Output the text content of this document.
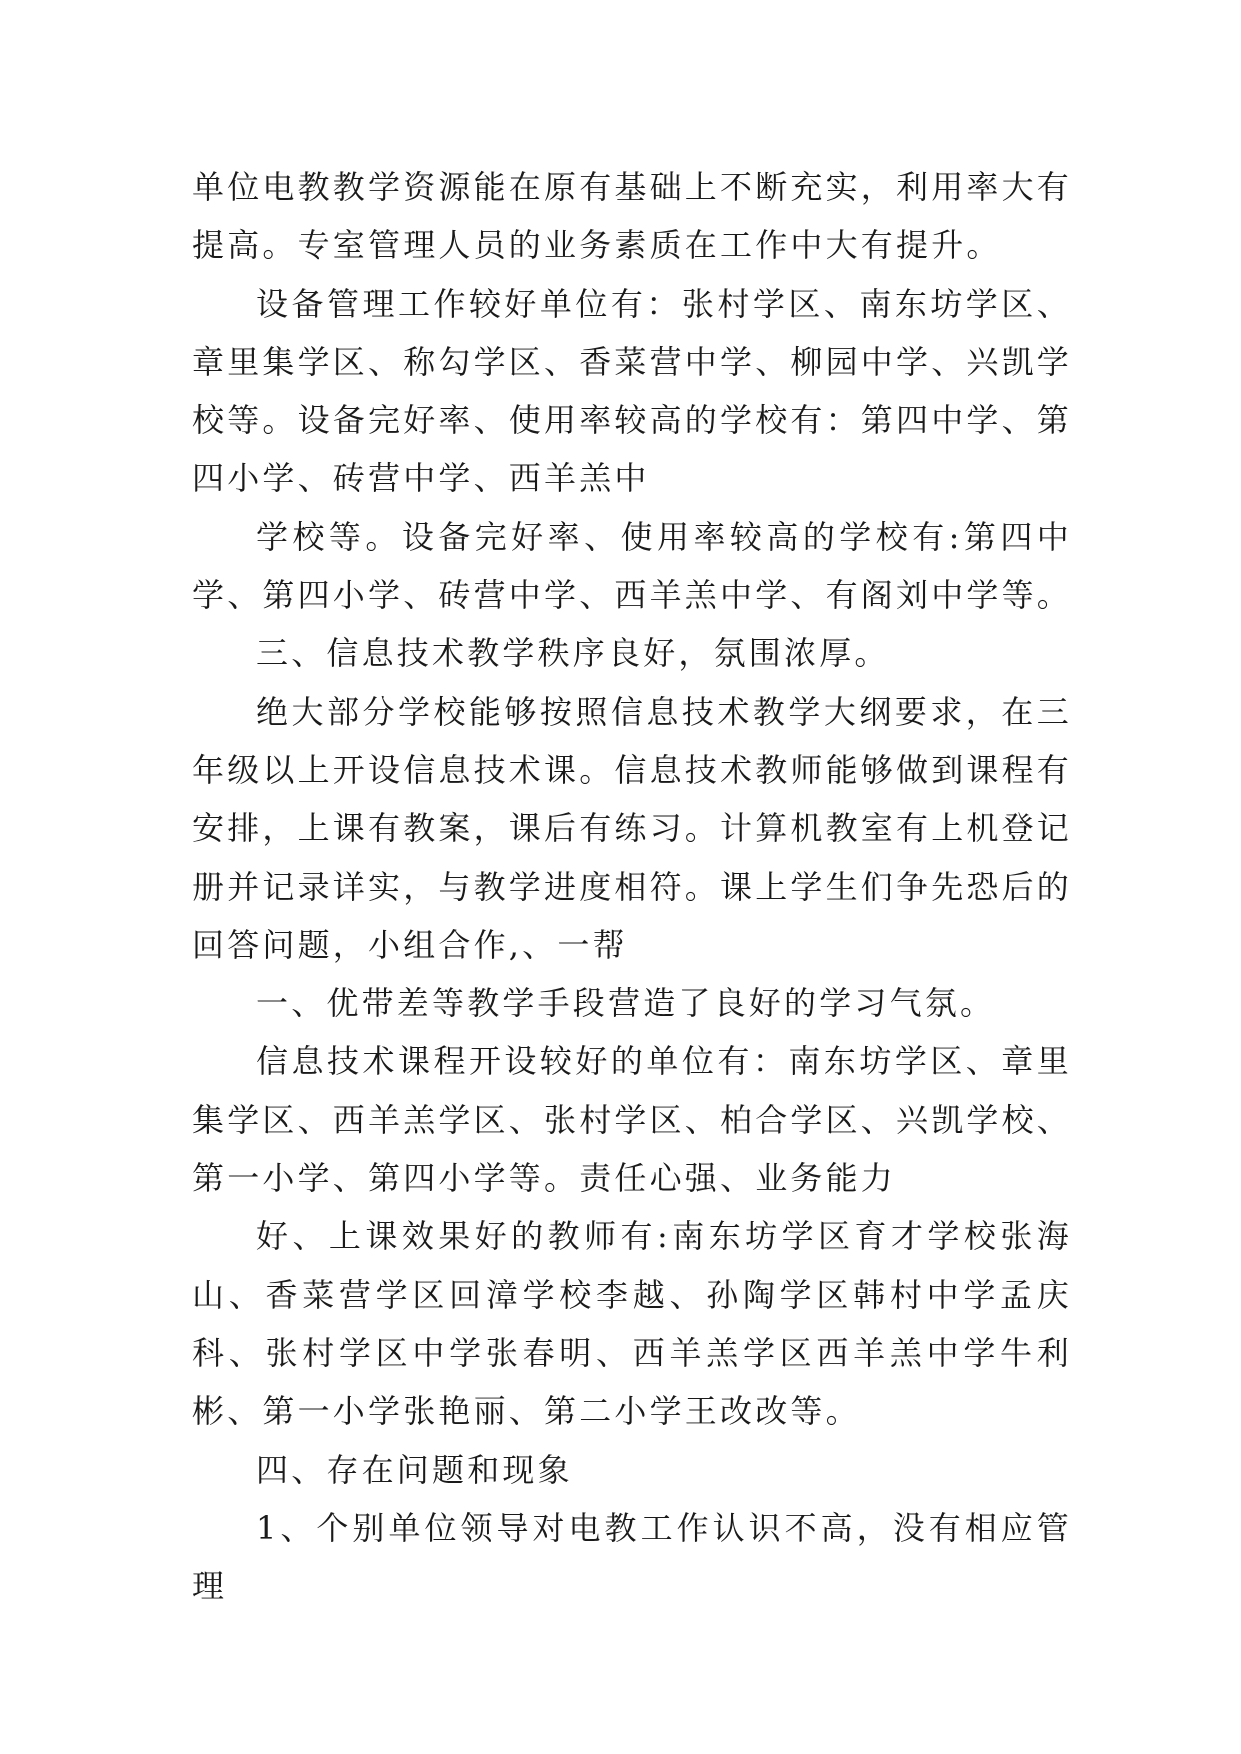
单位电教教学资源能在原有基础上不断充实，利用率大有提高。专室管理人员的业务素质在工作中大有提升。

设备管理工作较好单位有：张村学区、南东坊学区、章里集学区、称勾学区、香菜营中学、柳园中学、兴凯学校等。设备完好率、使用率较高的学校有：第四中学、第四小学、砖营中学、西羊羔中

学校等。设备完好率、使用率较高的学校有:第四中学、第四小学、砖营中学、西羊羔中学、有阁刘中学等。

三、信息技术教学秩序良好，氛围浓厚。

绝大部分学校能够按照信息技术教学大纲要求，在三年级以上开设信息技术课。信息技术教师能够做到课程有安排，上课有教案，课后有练习。计算机教室有上机登记册并记录详实，与教学进度相符。课上学生们争先恐后的回答问题，小组合作,、一帮

一、优带差等教学手段营造了良好的学习气氛。

信息技术课程开设较好的单位有：南东坊学区、章里集学区、西羊羔学区、张村学区、柏合学区、兴凯学校、第一小学、第四小学等。责任心强、业务能力

好、上课效果好的教师有:南东坊学区育才学校张海山、香菜营学区回漳学校李越、孙陶学区韩村中学孟庆科、张村学区中学张春明、西羊羔学区西羊羔中学牛利彬、第一小学张艳丽、第二小学王改改等。

四、存在问题和现象

1、个别单位领导对电教工作认识不高，没有相应管理
